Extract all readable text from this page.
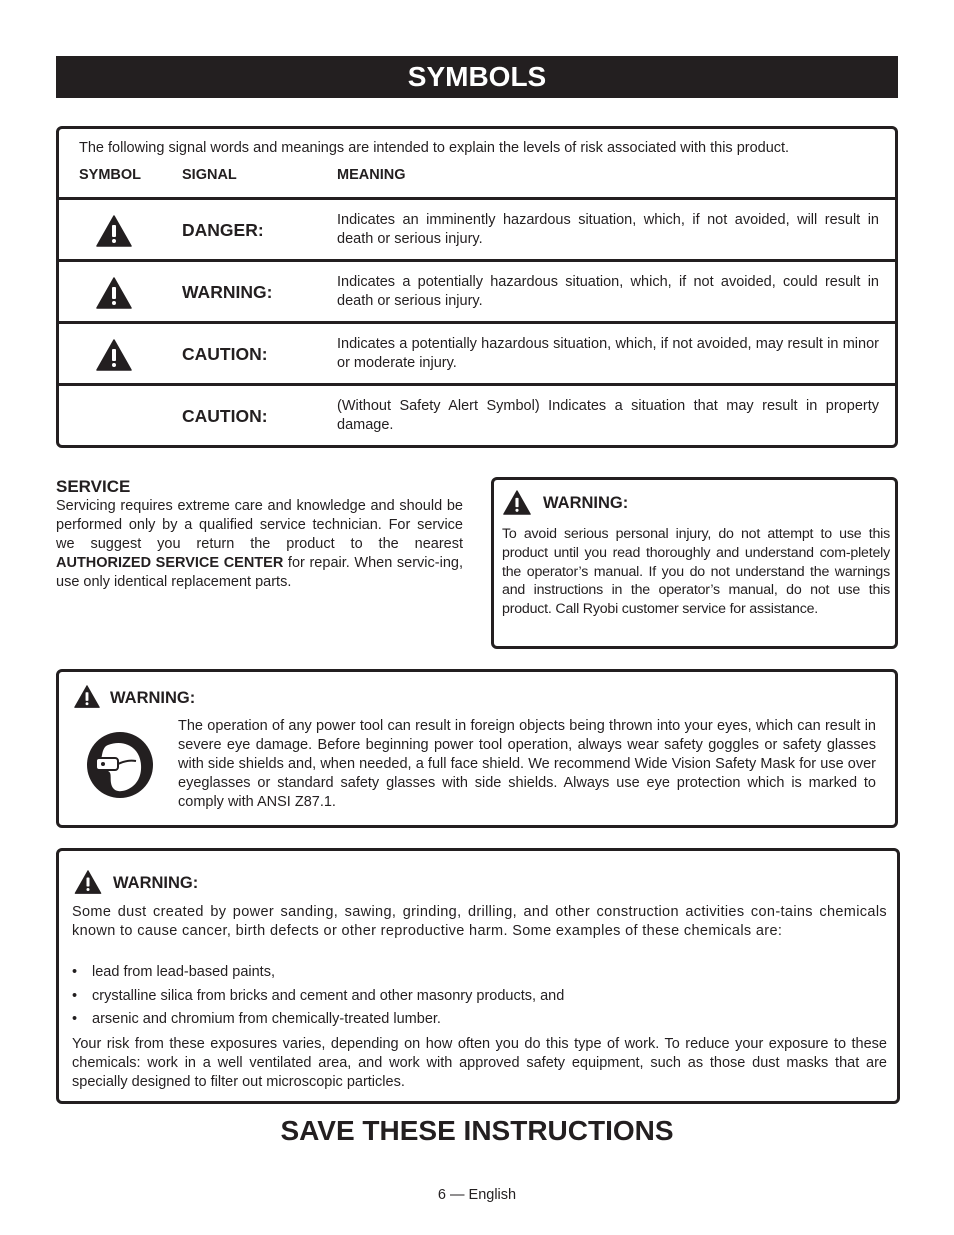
SYMBOLS
The following signal words and meanings are intended to explain the levels of risk associated with this product.
SYMBOL	SIGNAL	MEANING
DANGER:	Indicates an imminently hazardous situation, which, if not avoided, will result in death or serious injury.
WARNING:	Indicates a potentially hazardous situation, which, if not avoided, could result in death or serious injury.
CAUTION:	Indicates a potentially hazardous situation, which, if not avoided, may result in minor or moderate injury.
CAUTION:	(Without Safety Alert Symbol) Indicates a situation that may result in property damage.
SERVICE
Servicing requires extreme care and knowledge and should be performed only by a qualified service technician. For service we suggest you return the product to the nearest AUTHORIZED SERVICE CENTER for repair. When servic-ing, use only identical replacement parts.
WARNING:
To avoid serious personal injury, do not attempt to use this product until you read thoroughly and understand com-pletely the operator’s manual. If you do not understand the warnings and instructions in the operator’s manual, do not use this product. Call Ryobi customer service for assistance.
WARNING:
The operation of any power tool can result in foreign objects being thrown into your eyes, which can result in severe eye damage. Before beginning power tool operation, always wear safety goggles or safety glasses with side shields and, when needed, a full face shield. We recommend Wide Vision Safety Mask for use over eyeglasses or standard safety glasses with side shields. Always use eye protection which is marked to comply with ANSI Z87.1.
WARNING:
Some dust created by power sanding, sawing, grinding, drilling, and other construction activities con-tains chemicals known to cause cancer, birth defects or other reproductive harm. Some examples of these chemicals are:
• lead from lead-based paints,
• crystalline silica from bricks and cement and other masonry products, and
• arsenic and chromium from chemically-treated lumber.
Your risk from these exposures varies, depending on how often you do this type of work. To reduce your exposure to these chemicals: work in a well ventilated area, and work with approved safety equipment, such as those dust masks that are specially designed to filter out microscopic particles.
SAVE THESE INSTRUCTIONS
6 — English
